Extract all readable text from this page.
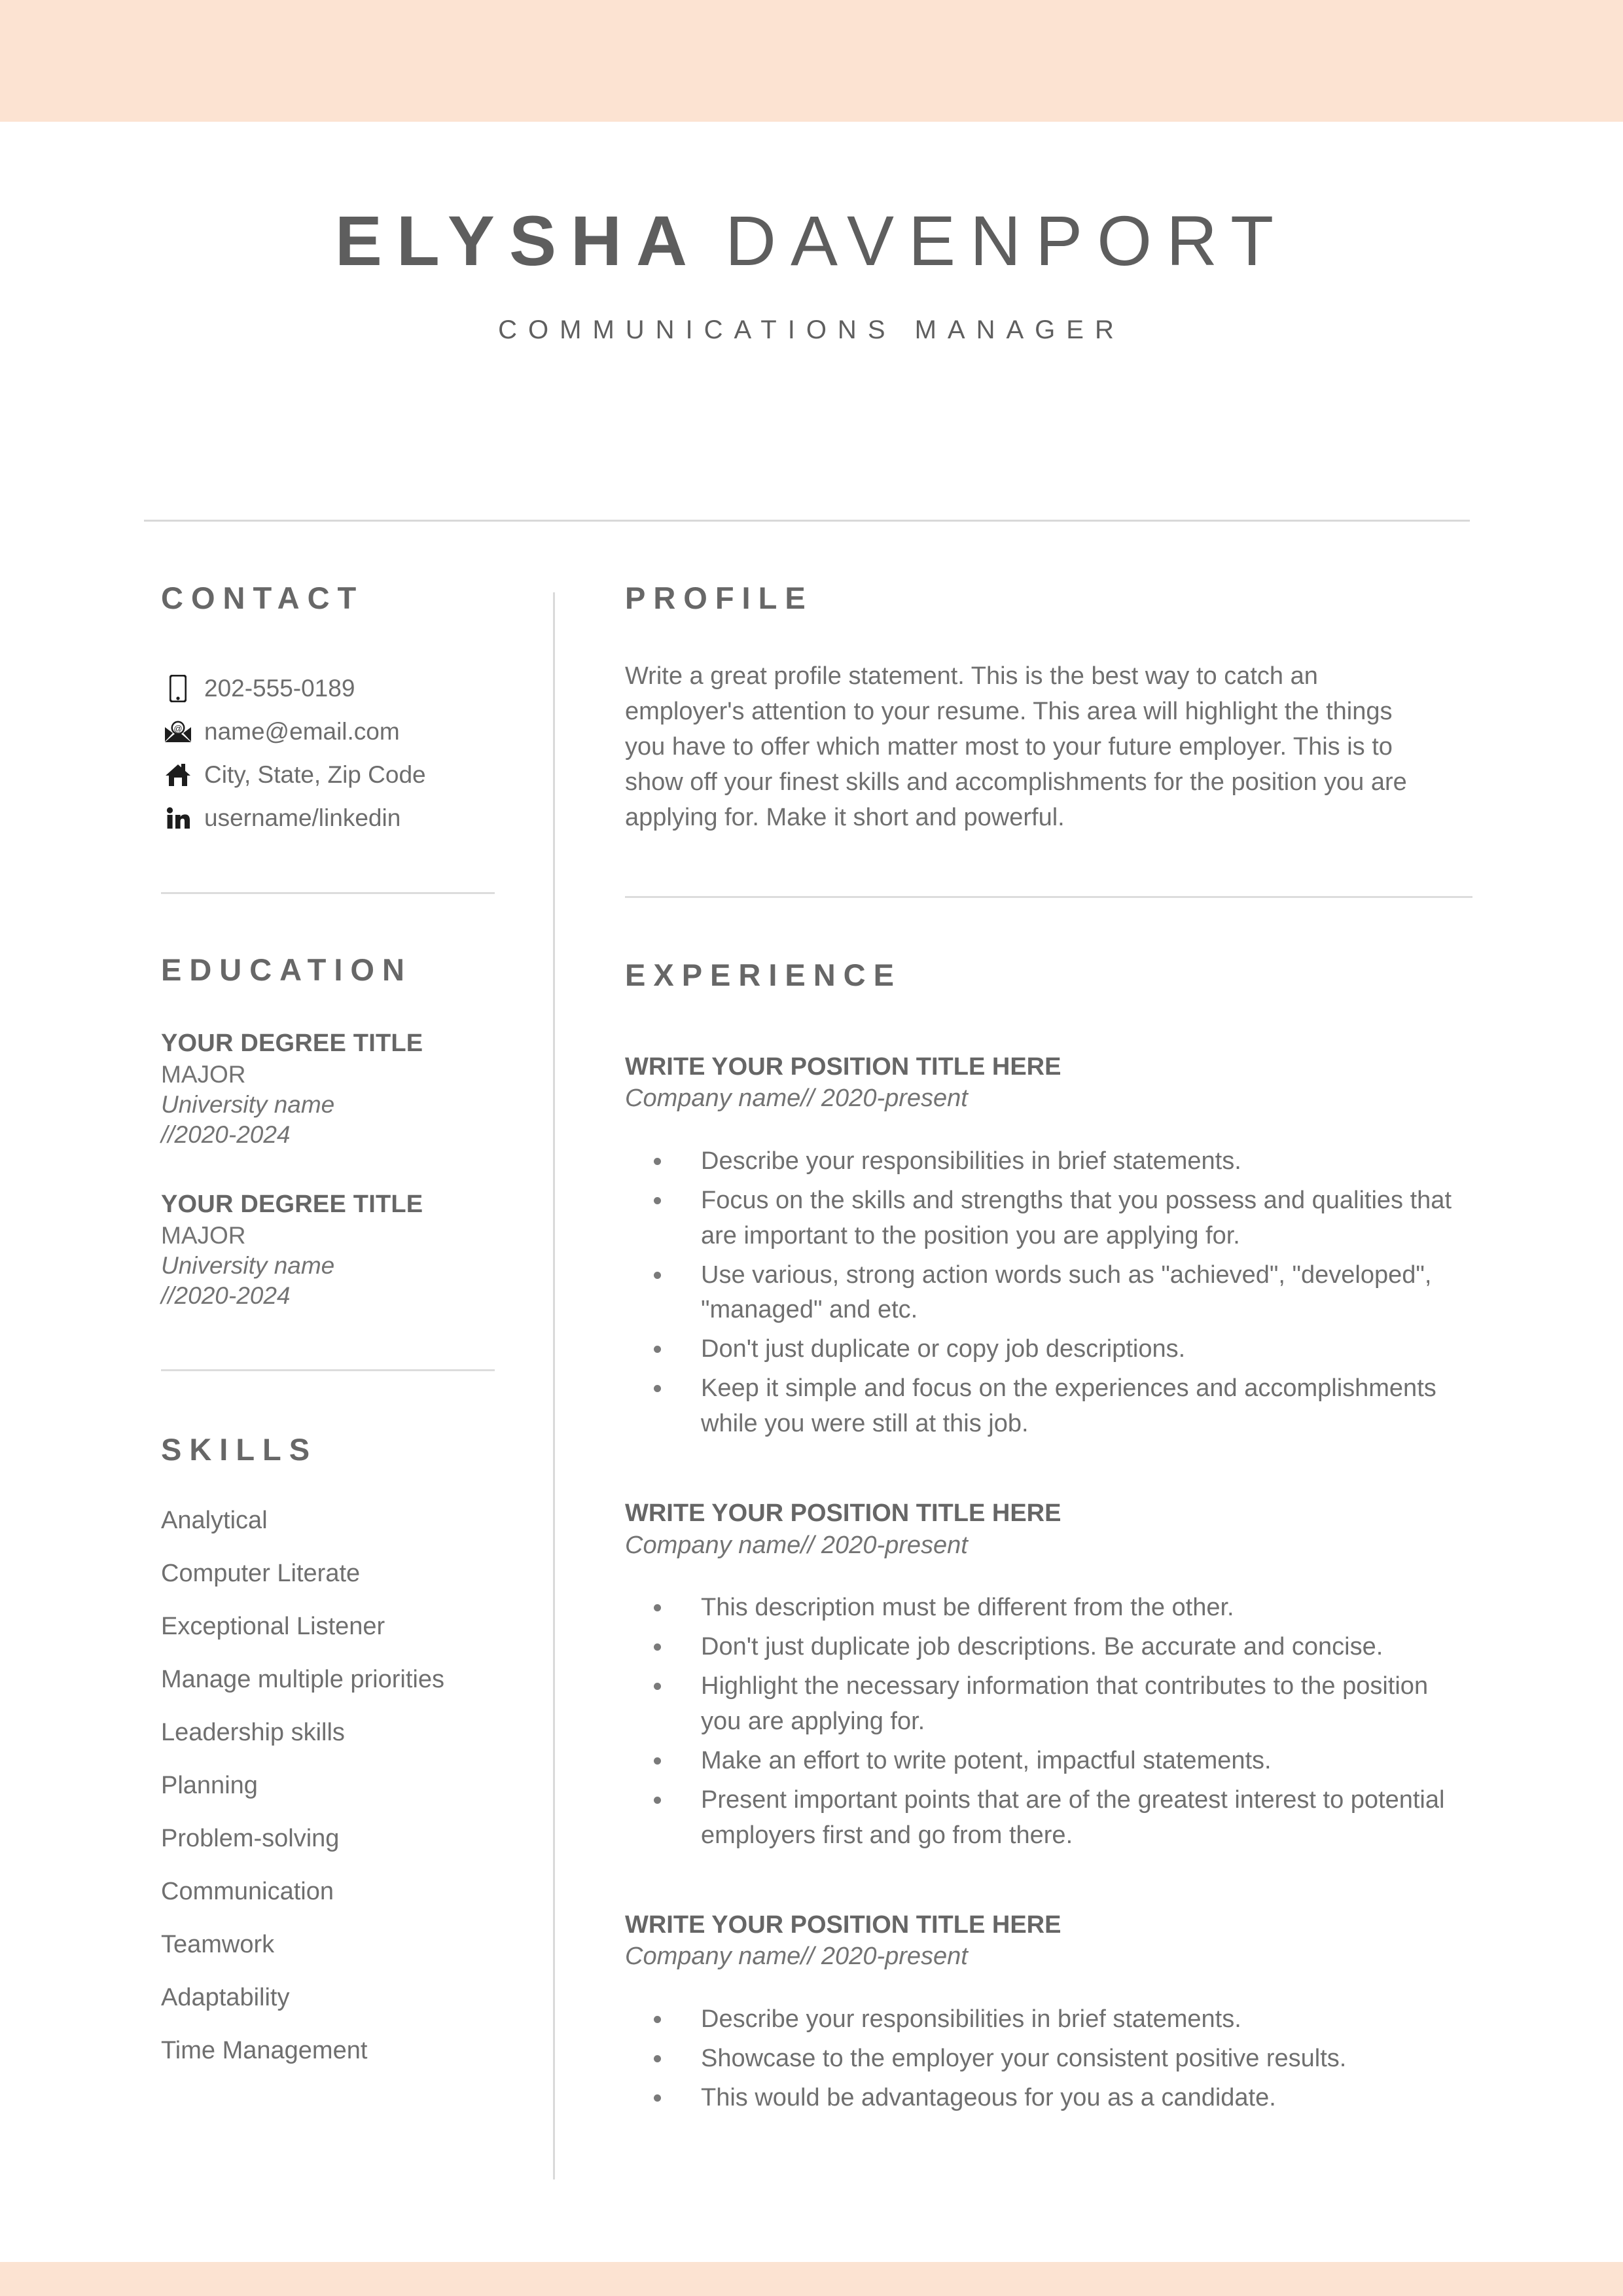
ELYSHA DAVENPORT
COMMUNICATIONS MANAGER
CONTACT
202-555-0189
@ name@email.com
City, State, Zip Code
username/linkedin
EDUCATION
YOUR DEGREE TITLE
MAJOR
University name
//2020-2024
YOUR DEGREE TITLE
MAJOR
University name
//2020-2024
SKILLS
Analytical
Computer Literate
Exceptional Listener
Manage multiple priorities
Leadership skills
Planning
Problem-solving
Communication
Teamwork
Adaptability
Time Management
PROFILE
Write a great profile statement. This is the best way to catch an employer's attention to your resume. This area will highlight the things you have to offer which matter most to your future employer. This is to show off your finest skills and accomplishments for the position you are applying for. Make it short and powerful.
EXPERIENCE
WRITE YOUR POSITION TITLE HERE
Company name// 2020-present
Describe your responsibilities in brief statements.
Focus on the skills and strengths that you possess and qualities that are important to the position you are applying for.
Use various, strong action words such as "achieved", "developed", "managed" and etc.
Don't just duplicate or copy job descriptions.
Keep it simple and focus on the experiences and accomplishments while you were still at this job.
WRITE YOUR POSITION TITLE HERE
Company name// 2020-present
This description must be different from the other.
Don't just duplicate job descriptions. Be accurate and concise.
Highlight the necessary information that contributes to the position you are applying for.
Make an effort to write potent, impactful statements.
Present important points that are of the greatest interest to potential employers first and go from there.
WRITE YOUR POSITION TITLE HERE
Company name// 2020-present
Describe your responsibilities in brief statements.
Showcase to the employer your consistent positive results.
This would be advantageous for you as a candidate.
